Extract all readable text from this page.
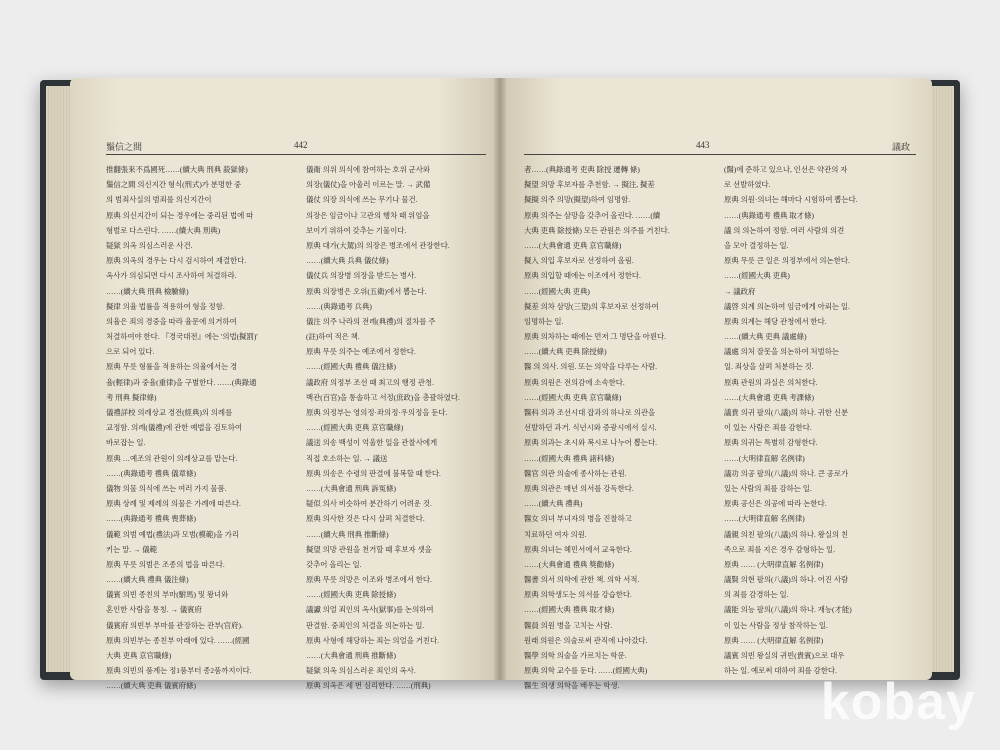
鬚信之間	442
推翻張來不爲國死……(續大典 刑典 殺獄條)
鬚信之間 의신지간 형식(刑式)가 분명한 중
의 범죄사실의 범죄를 의신지간이
原典 의신지간이 되는 경우에는 중리된 법에 따
형벌로 다스린다. ……(續大典 刑典)
疑獄 의옥 의심스러운 사건.
原典 의옥의 경우는 다시 검시하여 재결한다.
옥사가 의심되면 다시 조사하여 처결하라.
……(續大典 刑典 檢驗條)
擬律 의율 법률을 적용하여 형을 정함.
의율은 죄의 경중을 따라 율문에 의거하여
처결하여야 한다. 『경국대전』에는 '의법(擬罰)'
으로 되어 있다.
原典 무릇 형률을 적용하는 의율에서는 경
율(輕律)과 중율(重律)을 구별한다. ……(典錄通
考 刑典 擬律條)
儀禮詳校 의례상교 경전(經典)의 의례를
교정함. 의례(儀禮)에 관한 예법을 검토하여
바로잡는 일.
原典 …예조의 관원이 의례상교를 맡는다.
……(典錄通考 禮典 儀章條)
儀物 의물 의식에 쓰는 여러 가지 물품.
原典 상례 및 제례의 의물은 가례에 따른다.
……(典錄通考 禮典 喪葬條)
儀範 의범 예법(禮法)과 모범(模範)을 가리
키는 말. → 儀範
原典 무릇 의범은 조종의 법을 따른다.
……(續大典 禮典 儀注條)
儀賓 의빈 종친의 부마(駙馬) 및 왕녀와
혼인한 사람을 통칭. → 儀賓府
儀賓府 의빈부 부마를 관장하는 관부(官府).
原典 의빈부는 종친부 아래에 있다. ……(經國
大典 吏典 京官職條)
原典 의빈의 품계는 정1품부터 종2품까지이다.
……(續大典 吏典 儀賓府條)
儀衛 의위 의식에 참여하는 호위 군사와
의장(儀仗)을 아울러 이르는 말. → 武備
儀仗 의장 의식에 쓰는 무기나 물건.
의장은 임금이나 고관의 행차 때 위엄을
보이기 위하여 갖추는 기물이다.
原典 대가(大駕)의 의장은 병조에서 관장한다.
……(續大典 兵典 儀仗條)
儀仗兵 의장병 의장을 받드는 병사.
原典 의장병은 오위(五衛)에서 뽑는다.
……(典錄通考 兵典)
儀注 의주 나라의 전례(典禮)의 절차를 주
(註)하여 적은 책.
原典 무릇 의주는 예조에서 정한다.
……(經國大典 禮典 儀注條)
議政府 의정부 조선 때 최고의 행정 관청.
백관(百官)을 통솔하고 서정(庶政)을 총괄하였다.
原典 의정부는 영의정·좌의정·우의정을 둔다.
……(經國大典 吏典 京官職條)
議送 의송 백성이 억울한 일을 관찰사에게
직접 호소하는 일. → 議送
原典 의송은 수령의 판결에 불복할 때 한다.
……(大典會通 刑典 訴冤條)
疑似 의사 비슷하여 분간하기 어려운 것.
原典 의사한 것은 다시 살펴 처결한다.
……(續大典 刑典 推斷條)
擬望 의망 관원을 천거할 때 후보자 셋을
갖추어 올리는 일.
原典 무릇 의망은 이조와 병조에서 한다.
……(經國大典 吏典 除授條)
議讞 의얼 죄인의 옥사(獄事)를 논의하여
판결함. 중죄인의 처결을 의논하는 일.
原典 사형에 해당하는 죄는 의얼을 거친다.
……(大典會通 刑典 推斷條)
疑獄 의옥 의심스러운 죄인의 옥사.
原典 의옥은 세 번 심리한다. ……(刑典)
443	議政
者……(典錄通考 吏典 除授 遷轉 條)
擬望 의망 후보자를 추천함. → 擬注, 擬差
擬擬 의주 의망(擬望)하여 임명함.
原典 의주는 삼망을 갖추어 올린다. ……(續
大典 吏典 除授條) 모든 관원은 의주를 거친다.
……(大典會通 吏典 京官職條)
擬入 의입 후보자로 선정하여 올림.
原典 의입할 때에는 이조에서 정한다.
……(經國大典 吏典)
擬差 의차 삼망(三望)의 후보자로 선정하여
임명하는 일.
原典 의차하는 때에는 먼저 그 명단을 아뢴다.
……(續大典 吏典 除授條)
醫 의 의사. 의원. 또는 의약을 다루는 사람.
原典 의원은 전의감에 소속한다.
……(經國大典 吏典 京官職條)
醫科 의과 조선시대 잡과의 하나로 의관을
선발하던 과거. 식년시와 증광시에서 실시.
原典 의과는 초시와 복시로 나누어 뽑는다.
……(經國大典 禮典 諸科條)
醫官 의관 의술에 종사하는 관원.
原典 의관은 매년 의서를 강독한다.
……(續大典 禮典)
醫女 의녀 부녀자의 병을 진찰하고
치료하던 여자 의원.
原典 의녀는 혜민서에서 교육한다.
……(大典會通 禮典 獎勸條)
醫書 의서 의학에 관한 책. 의학 서적.
原典 의학생도는 의서를 강습한다.
……(經國大典 禮典 取才條)
醫員 의원 병을 고치는 사람.
원래 의원은 의술로써 관직에 나아갔다.
醫學 의학 의술을 가르치는 학문.
原典 의학 교수를 둔다. ……(經國大典)
醫生 의생 의학을 배우는 학생.
(醫)에 준하고 있으나, 인선은 약관의 자
로 선발하였다.
原典 의원·의녀는 해마다 시험하여 뽑는다.
……(典錄通考 禮典 取才條)
議 의 의논하여 정함. 여러 사람의 의견
을 모아 결정하는 일.
原典 무릇 큰 일은 의정부에서 의논한다.
……(經國大典 吏典)
→ 議政府
議啓 의계 의논하여 임금에게 아뢰는 일.
原典 의계는 해당 관청에서 한다.
……(續大典 吏典 議處條)
議處 의처 잘못을 의논하여 처벌하는
일. 죄상을 살펴 처분하는 것.
原典 관원의 과실은 의처한다.
……(大典會通 吏典 考課條)
議貴 의귀 팔의(八議)의 하나. 귀한 신분
이 있는 사람은 죄를 감한다.
原典 의귀는 특별히 감형한다.
……(大明律直解 名例律)
議功 의공 팔의(八議)의 하나. 큰 공로가
있는 사람의 죄를 감하는 일.
原典 공신은 의공에 따라 논한다.
……(大明律直解 名例律)
議親 의친 팔의(八議)의 하나. 왕실의 친
족으로 죄를 지은 경우 감형하는 일.
原典 …… (大明律直解 名例律)
議賢 의현 팔의(八議)의 하나. 어진 사람
의 죄를 감경하는 일.
議能 의능 팔의(八議)의 하나. 재능(才能)
이 있는 사람을 정상 참작하는 일.
原典 …… (大明律直解 名例律)
議賓 의빈 왕실의 귀빈(貴賓)으로 대우
하는 일. 예로써 대하여 죄를 감한다.
kobay
